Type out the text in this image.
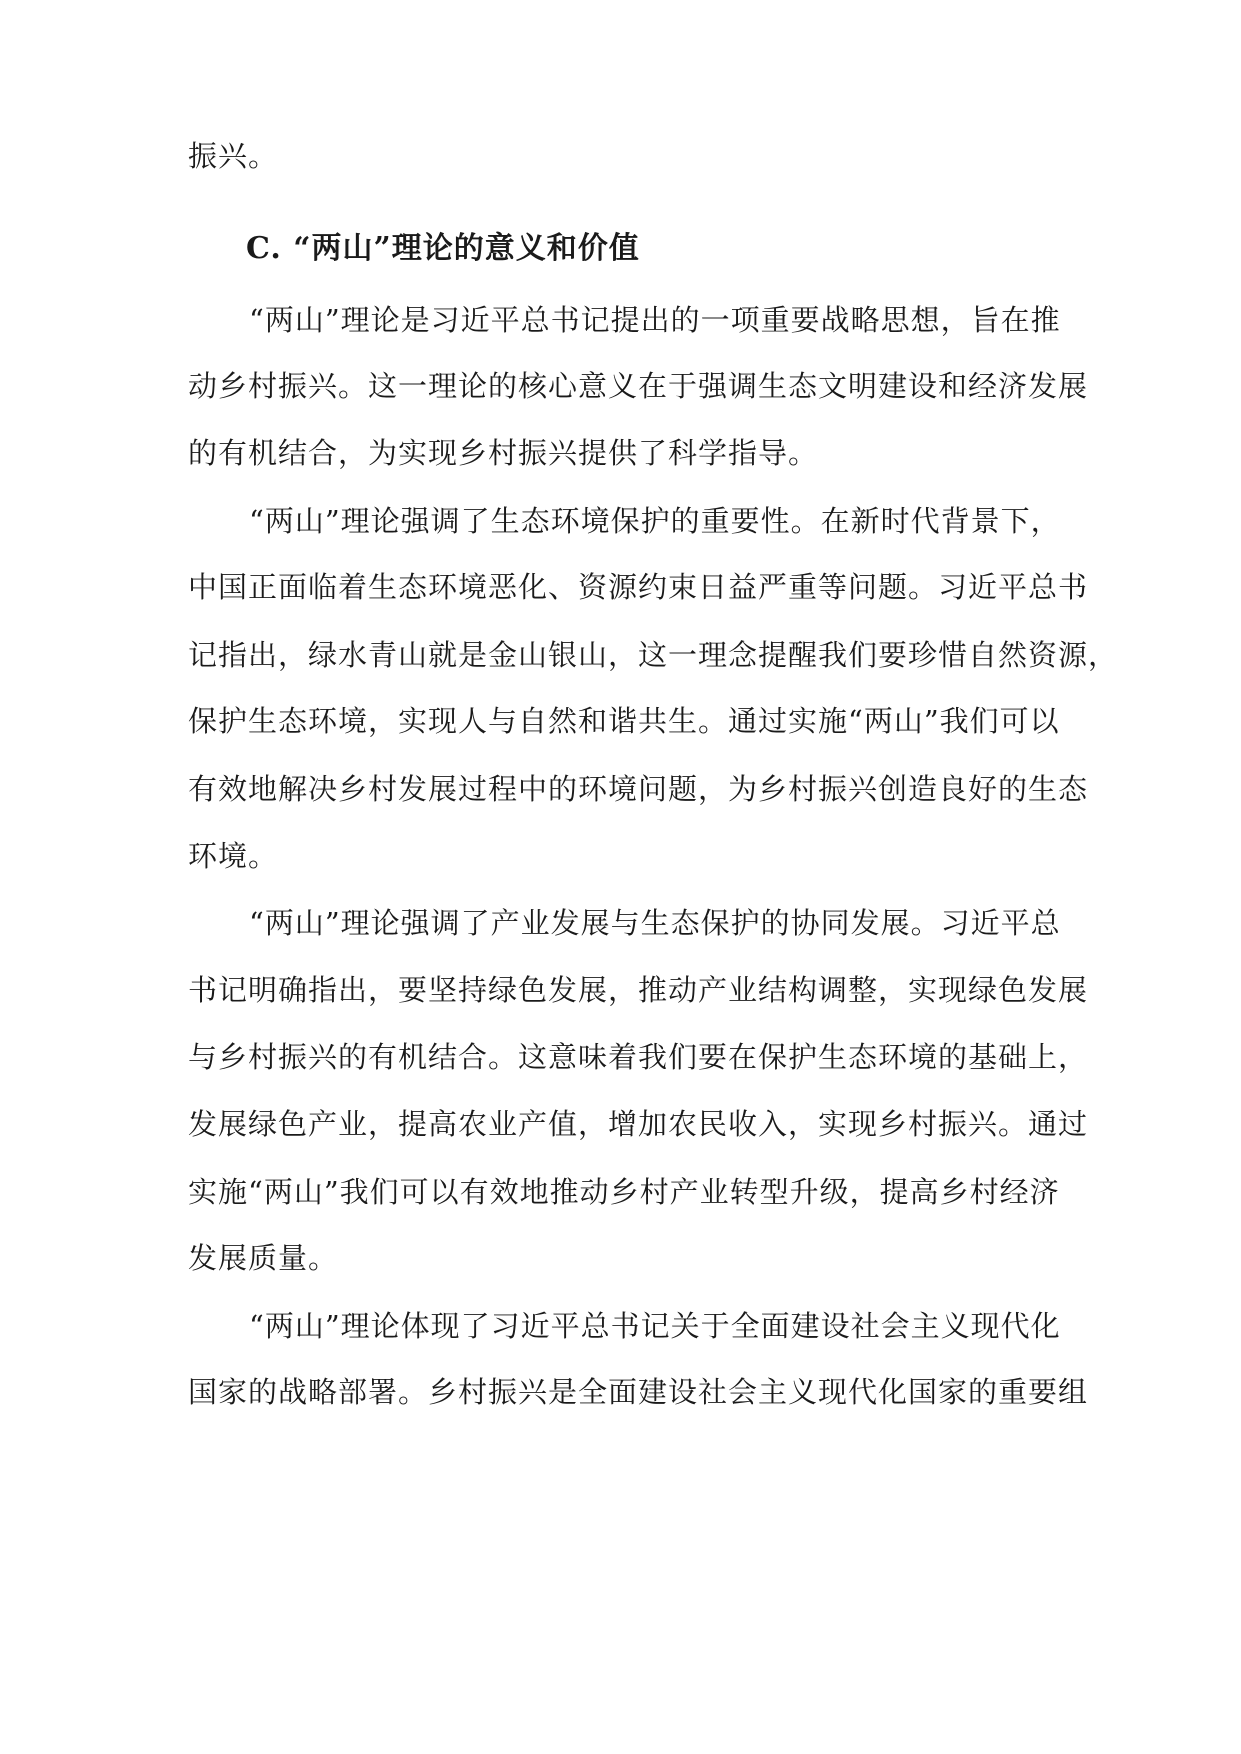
振兴。
C. “两山”理论的意义和价值
“两山”理论是习近平总书记提出的一项重要战略思想，旨在推
动乡村振兴。这一理论的核心意义在于强调生态文明建设和经济发展
的有机结合，为实现乡村振兴提供了科学指导。
“两山”理论强调了生态环境保护的重要性。在新时代背景下，
中国正面临着生态环境恶化、资源约束日益严重等问题。习近平总书
记指出，绿水青山就是金山银山，这一理念提醒我们要珍惜自然资源，
保护生态环境，实现人与自然和谐共生。通过实施“两山”我们可以
有效地解决乡村发展过程中的环境问题，为乡村振兴创造良好的生态
环境。
“两山”理论强调了产业发展与生态保护的协同发展。习近平总
书记明确指出，要坚持绿色发展，推动产业结构调整，实现绿色发展
与乡村振兴的有机结合。这意味着我们要在保护生态环境的基础上，
发展绿色产业，提高农业产值，增加农民收入，实现乡村振兴。通过
实施“两山”我们可以有效地推动乡村产业转型升级，提高乡村经济
发展质量。
“两山”理论体现了习近平总书记关于全面建设社会主义现代化
国家的战略部署。乡村振兴是全面建设社会主义现代化国家的重要组
